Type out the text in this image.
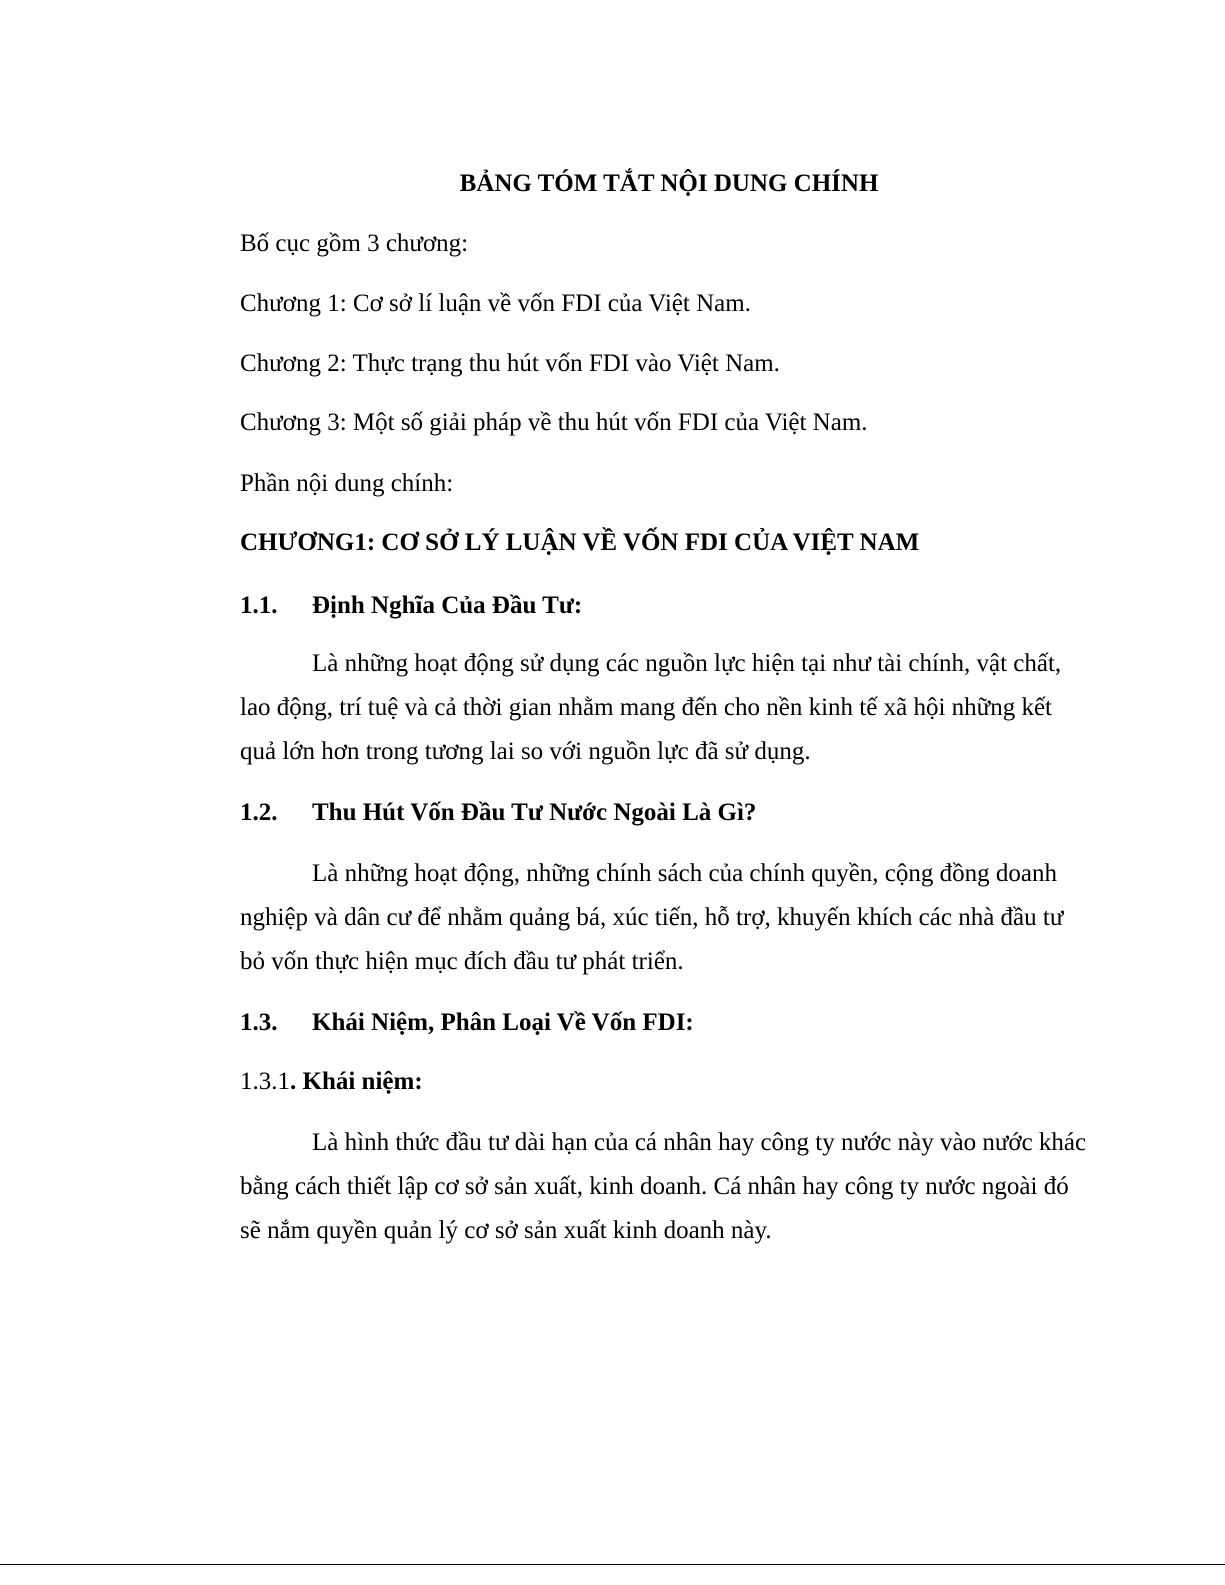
BẢNG TÓM TẮT NỘI DUNG CHÍNH
Bố cục gồm 3 chương:
Chương 1: Cơ sở lí luận về vốn FDI của Việt Nam.
Chương 2: Thực trạng thu hút vốn FDI vào Việt Nam.
Chương 3: Một số giải pháp về thu hút vốn FDI của Việt Nam.
Phần nội dung chính:
CHƯƠNG1: CƠ SỞ LÝ LUẬN VỀ VỐN FDI CỦA VIỆT NAM
1.1. Định Nghĩa Của Đầu Tư:

Là những hoạt động sử dụng các nguồn lực hiện tại như tài chính, vật chất, lao động, trí tuệ và cả thời gian nhằm mang đến cho nền kinh tế xã hội những kết quả lớn hơn trong tương lai so với nguồn lực đã sử dụng.

1.2. Thu Hút Vốn Đầu Tư Nước Ngoài Là Gì?

Là những hoạt động, những chính sách của chính quyền, cộng đồng doanh nghiệp và dân cư để nhằm quảng bá, xúc tiến, hỗ trợ, khuyến khích các nhà đầu tư bỏ vốn thực hiện mục đích đầu tư phát triển.

1.3. Khái Niệm, Phân Loại Về Vốn FDI:
1.3.1. Khái niệm:

Là hình thức đầu tư dài hạn của cá nhân hay công ty nước này vào nước khác bằng cách thiết lập cơ sở sản xuất, kinh doanh. Cá nhân hay công ty nước ngoài đó sẽ nắm quyền quản lý cơ sở sản xuất kinh doanh này.
